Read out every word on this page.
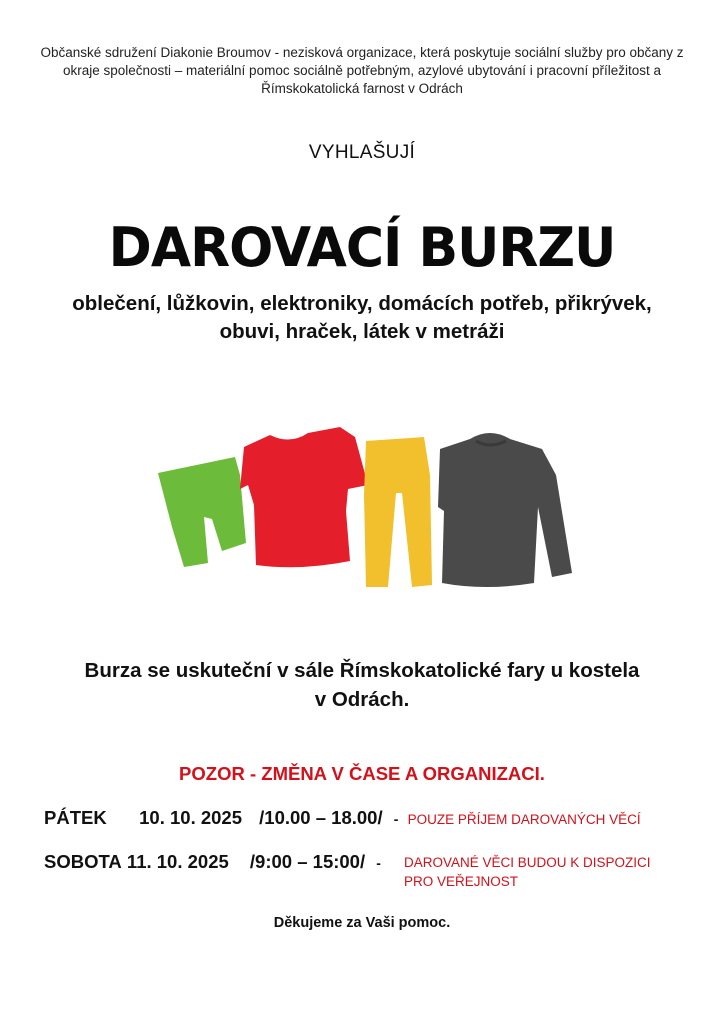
Občanské sdružení Diakonie Broumov - nezisková organizace, která poskytuje sociální služby pro občany z okraje společnosti – materiální pomoc sociálně potřebným, azylové ubytování i pracovní příležitost a Římskokatolická farnost v Odrách
VYHLAŠUJÍ
DAROVACÍ BURZU
oblečení, lůžkovin, elektroniky, domácích potřeb, přikrývek,
obuvi, hraček, látek v metráži
Burza se uskuteční v sále Římskokatolické fary u kostela
v Odrách.
POZOR - ZMĚNA V ČASE A ORGANIZACI.
PÁTEK 10. 10. 2025 /10.00 – 18.00/ - POUZE PŘÍJEM DAROVANÝCH VĚCÍ
SOBOTA 11. 10. 2025 /9:00 – 15:00/ - DAROVANÉ VĚCI BUDOU K DISPOZICI
PRO VEŘEJNOST
Děkujeme za Vaši pomoc.
